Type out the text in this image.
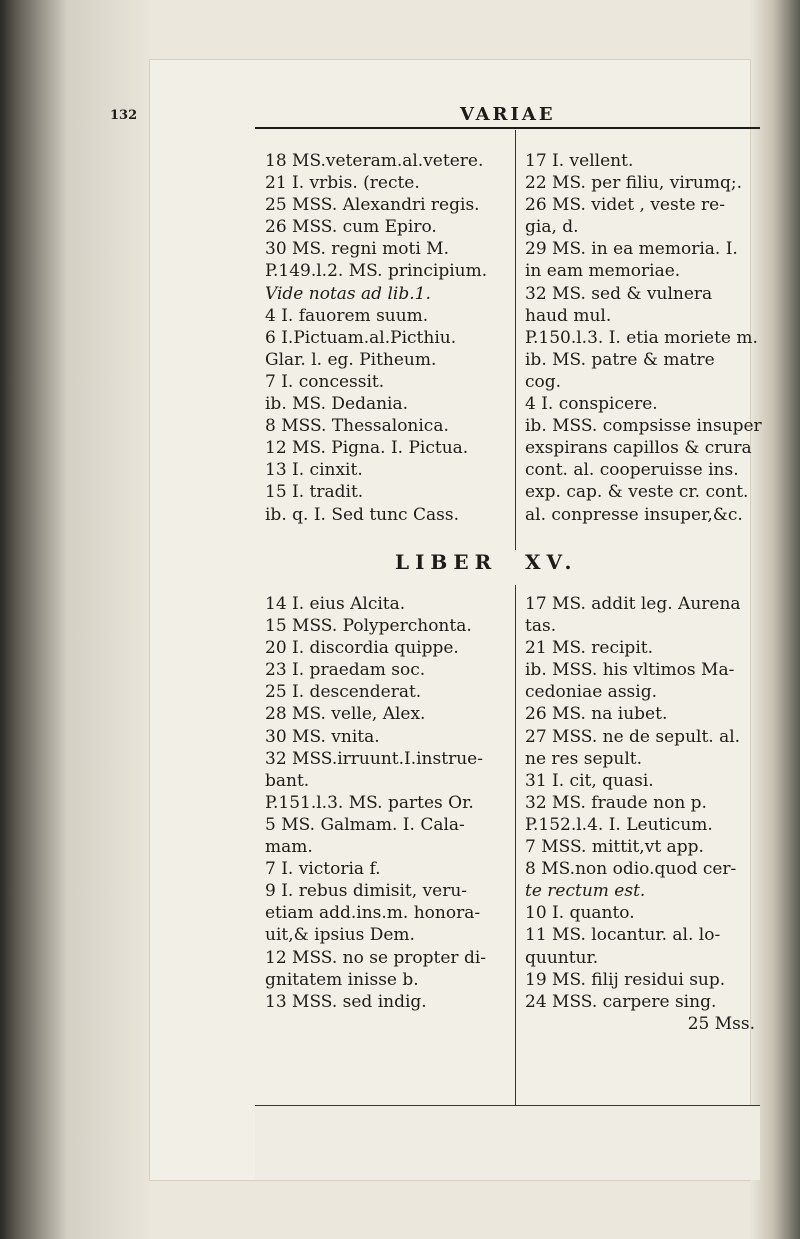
132	VARIAE
18 MS.veteram.al.vetere.
21 I. vrbis. (recte.
25 MSS. Alexandri regis.
26 MSS. cum Epiro.
30 MS. regni moti M.
P.149.l.2. MS. principium.
Vide notas ad lib.1.
4 I. fauorem suum.
6 I.Pictuam.al.Picthiu.
Glar. l. eg. Pitheum.
7 I. concessit.
ib. MS. Dedania.
8 MSS. Thessalonica.
12 MS. Pigna. I. Pictua.
13 I. cinxit.
15 I. tradit.
ib. q. I. Sed tunc Cass.
17 I. vellent.
22 MS. per filiu, virumq;.
26 MS. videt , veste re-
gia, d.
29 MS. in ea memoria. I.
in eam memoriae.
32 MS. sed & vulnera
haud mul.
P.150.l.3. I. etia moriete m.
ib. MS. patre & matre
cog.
4 I. conspicere.
ib. MSS. compsisse insuper
exspirans capillos & crura
cont. al. cooperuisse ins.
exp. cap. & veste cr. cont.
al. conpresse insuper,&c.
LIBER XV.
14 I. eius Alcita.
15 MSS. Polyperchonta.
20 I. discordia quippe.
23 I. praedam soc.
25 I. descenderat.
28 MS. velle, Alex.
30 MS. vnita.
32 MSS.irruunt.I.instrue-
bant.
P.151.l.3. MS. partes Or.
5 MS. Galmam. I. Cala-
mam.
7 I. victoria f.
9 I. rebus dimisit, veru-
etiam add.ins.m. honora-
uit,& ipsius Dem.
12 MSS. no se propter di-
gnitatem inisse b.
13 MSS. sed indig.
17 MS. addit leg. Aurena
tas.
21 MS. recipit.
ib. MSS. his vltimos Ma-
cedoniae assig.
26 MS. na iubet.
27 MSS. ne de sepult. al.
ne res sepult.
31 I. cit, quasi.
32 MS. fraude non p.
P.152.l.4. I. Leuticum.
7 MSS. mittit,vt app.
8 MS.non odio.quod cer-
te rectum est.
10 I. quanto.
11 MS. locantur. al. lo-
quuntur.
19 MS. filij residui sup.
24 MSS. carpere sing.
25 Mss.
